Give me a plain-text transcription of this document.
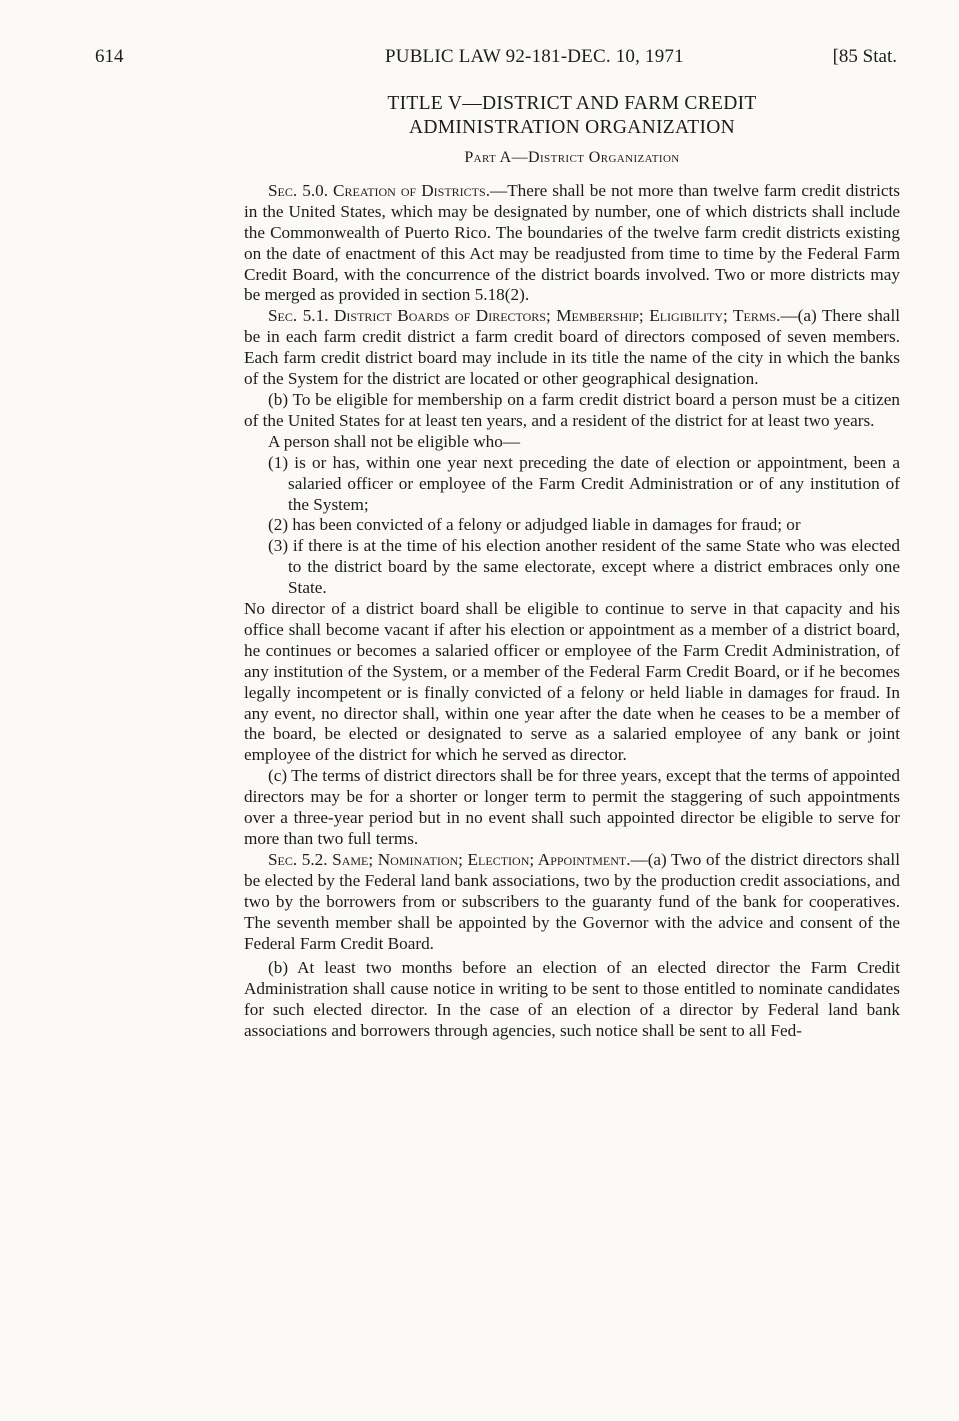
614	PUBLIC LAW 92-181-DEC. 10, 1971	[85 Stat.
TITLE V—DISTRICT AND FARM CREDIT
ADMINISTRATION ORGANIZATION
Part A—District Organization

Sec. 5.0. Creation of Districts.—There shall be not more than twelve farm credit districts in the United States, which may be designated by number, one of which districts shall include the Commonwealth of Puerto Rico. The boundaries of the twelve farm credit districts existing on the date of enactment of this Act may be readjusted from time to time by the Federal Farm Credit Board, with the concurrence of the district boards involved. Two or more districts may be merged as provided in section 5.18(2).

Sec. 5.1. District Boards of Directors; Membership; Eligibility; Terms.—(a) There shall be in each farm credit district a farm credit board of directors composed of seven members. Each farm credit district board may include in its title the name of the city in which the banks of the System for the district are located or other geographical designation.

(b) To be eligible for membership on a farm credit district board a person must be a citizen of the United States for at least ten years, and a resident of the district for at least two years.

A person shall not be eligible who—

(1) is or has, within one year next preceding the date of election or appointment, been a salaried officer or employee of the Farm Credit Administration or of any institution of the System;

(2) has been convicted of a felony or adjudged liable in damages for fraud; or

(3) if there is at the time of his election another resident of the same State who was elected to the district board by the same electorate, except where a district embraces only one State.

No director of a district board shall be eligible to continue to serve in that capacity and his office shall become vacant if after his election or appointment as a member of a district board, he continues or becomes a salaried officer or employee of the Farm Credit Administration, of any institution of the System, or a member of the Federal Farm Credit Board, or if he becomes legally incompetent or is finally convicted of a felony or held liable in damages for fraud. In any event, no director shall, within one year after the date when he ceases to be a member of the board, be elected or designated to serve as a salaried employee of any bank or joint employee of the district for which he served as director.

(c) The terms of district directors shall be for three years, except that the terms of appointed directors may be for a shorter or longer term to permit the staggering of such appointments over a three-year period but in no event shall such appointed director be eligible to serve for more than two full terms.

Sec. 5.2. Same; Nomination; Election; Appointment.—(a) Two of the district directors shall be elected by the Federal land bank associations, two by the production credit associations, and two by the borrowers from or subscribers to the guaranty fund of the bank for cooperatives. The seventh member shall be appointed by the Governor with the advice and consent of the Federal Farm Credit Board.

(b) At least two months before an election of an elected director the Farm Credit Administration shall cause notice in writing to be sent to those entitled to nominate candidates for such elected director. In the case of an election of a director by Federal land bank associations and borrowers through agencies, such notice shall be sent to all Fed-
